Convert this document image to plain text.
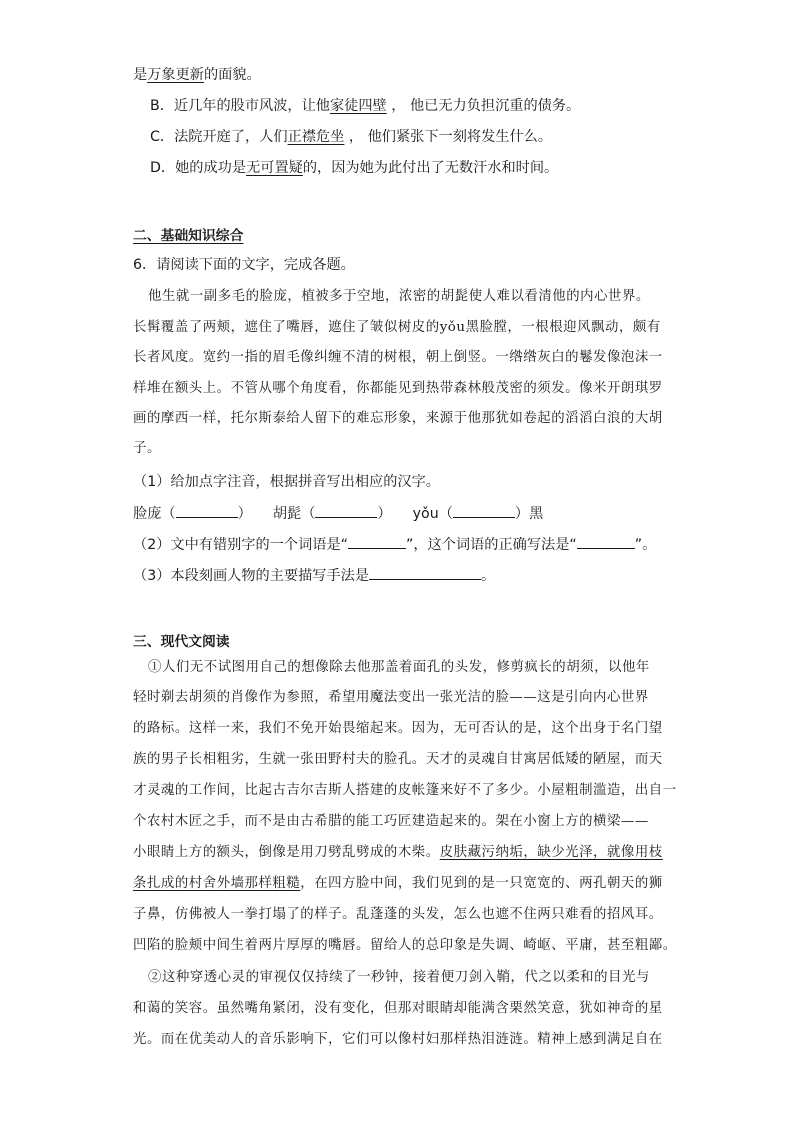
是万象更新的面貌。
B．近几年的股市风波，让他家徒四壁 ， 他已无力负担沉重的债务。
C．法院开庭了，人们正襟危坐 ， 他们紧张下一刻将发生什么。
D．她的成功是无可置疑的，因为她为此付出了无数汗水和时间。
二、基础知识综合
6．请阅读下面的文字，完成各题。
他生就一副多毛的脸庞，植被多于空地，浓密的胡髭使人难以看清他的内心世界。
长髯覆盖了两颊，遮住了嘴唇，遮住了皱似树皮的yǒu黑脸膛，一根根迎风飘动，颇有
长者风度。宽约一指的眉毛像纠缠不清的树根，朝上倒竖。一绺绺灰白的鬈发像泡沫一
样堆在额头上。不管从哪个角度看，你都能见到热带森林般茂密的须发。像米开朗琪罗
画的摩西一样，托尔斯泰给人留下的难忘形象，来源于他那犹如卷起的滔滔白浪的大胡
子。
（1）给加点字注音，根据拼音写出相应的汉字。
脸庞（	） 胡髭（	） yǒu（	）黑
（2）文中有错别字的一个词语是“	”，这个词语的正确写法是“	”。
（3）本段刻画人物的主要描写手法是	。
三、现代文阅读
①人们无不试图用自己的想像除去他那盖着面孔的头发，修剪疯长的胡须，以他年
轻时剃去胡须的肖像作为参照，希望用魔法变出一张光洁的脸——这是引向内心世界
的路标。这样一来，我们不免开始畏缩起来。因为，无可否认的是，这个出身于名门望
族的男子长相粗劣，生就一张田野村夫的脸孔。天才的灵魂自甘寓居低矮的陋屋，而天
才灵魂的工作间，比起古吉尔吉斯人搭建的皮帐篷来好不了多少。小屋粗制滥造，出自一
个农村木匠之手，而不是由古希腊的能工巧匠建造起来的。架在小窗上方的横梁——
小眼睛上方的额头，倒像是用刀劈乱劈成的木柴。皮肤藏污纳垢，缺少光泽，就像用枝
条扎成的村舍外墙那样粗糙，在四方脸中间，我们见到的是一只宽宽的、两孔朝天的狮
子鼻，仿佛被人一拳打塌了的样子。乱蓬蓬的头发，怎么也遮不住两只难看的招风耳。
凹陷的脸颊中间生着两片厚厚的嘴唇。留给人的总印象是失调、崎岖、平庸，甚至粗鄙。
②这种穿透心灵的审视仅仅持续了一秒钟，接着便刀剑入鞘，代之以柔和的目光与
和蔼的笑容。虽然嘴角紧闭，没有变化，但那对眼睛却能满含栗然笑意，犹如神奇的星
光。而在优美动人的音乐影响下，它们可以像村妇那样热泪涟涟。精神上感到满足自在
